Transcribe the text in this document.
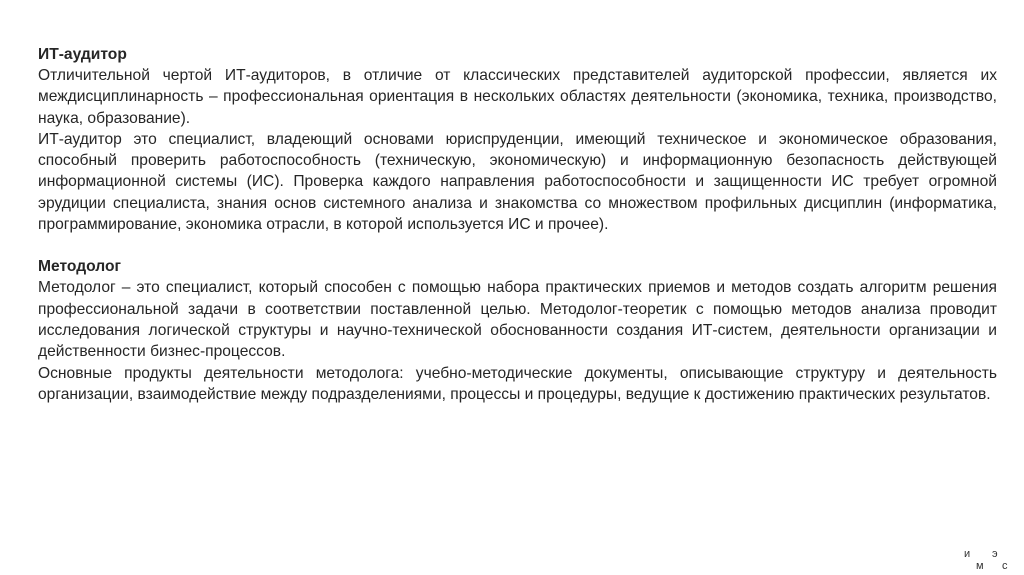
ИТ-аудитор

Отличительной чертой ИТ-аудиторов, в отличие от классических представителей аудиторской профессии, является их междисциплинарность – профессиональная ориентация в нескольких областях деятельности (экономика, техника, производство, наука, образование).

ИТ-аудитор это специалист, владеющий основами юриспруденции, имеющий техническое и экономическое образования, способный проверить работоспособность (техническую, экономическую) и информационную безопасность действующей информационной системы (ИС). Проверка каждого направления работоспособности и защищенности ИС требует огромной эрудиции специалиста, знания основ системного анализа и знакомства со множеством профильных дисциплин (информатика, программирование, экономика отрасли, в которой используется ИС и прочее).

Методолог

Методолог – это специалист, который способен с помощью набора практических приемов и методов создать алгоритм решения профессиональной задачи в соответствии поставленной целью. Методолог-теоретик с помощью методов анализа проводит исследования логической структуры и научно-технической обоснованности создания ИТ-систем, деятельности организации и действенности бизнес-процессов.

Основные продукты деятельности методолога: учебно-методические документы, описывающие структуру и деятельность организации, взаимодействие между подразделениями, процессы и процедуры, ведущие к достижению практических результатов.

и э
м с
